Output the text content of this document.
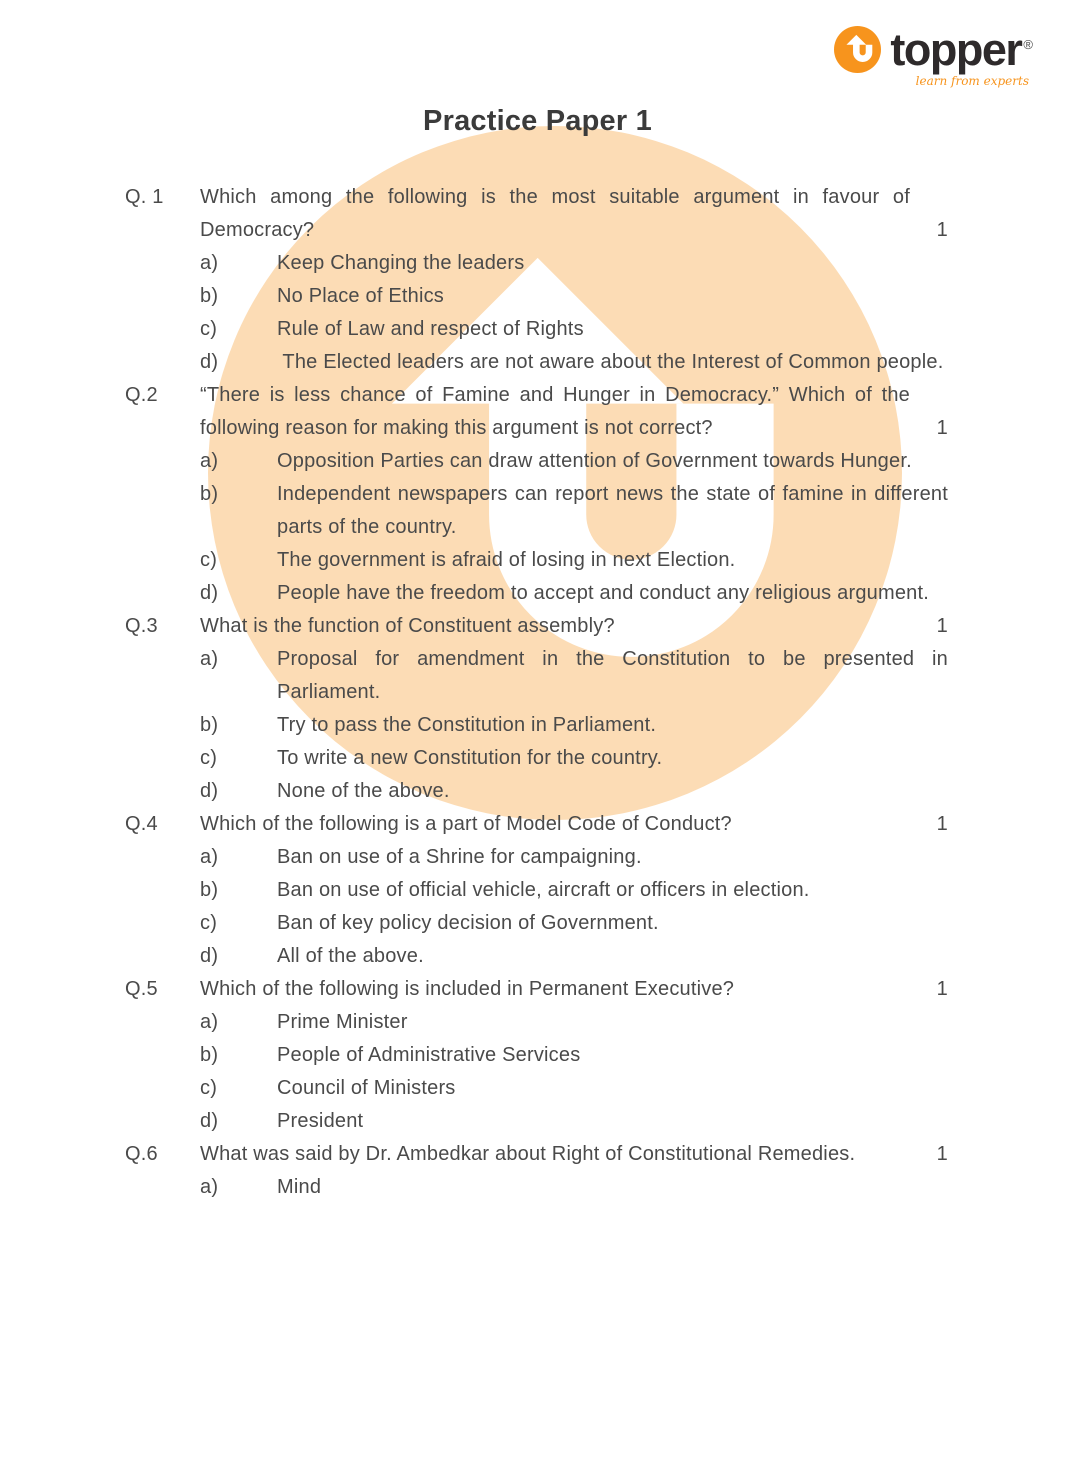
topper ®
learn from experts
Practice Paper 1
Q. 1	Which among the following is the most suitable argument in favour of Democracy?	1
a)	Keep Changing the leaders
b)	No Place of Ethics
c)	Rule of Law and respect of Rights
d)	The Elected leaders are not aware about the Interest of Common people.
Q.2	“There is less chance of Famine and Hunger in Democracy.” Which of the following reason for making this argument is not correct?	1
a)	Opposition Parties can draw attention of Government towards Hunger.
b)	Independent newspapers can report news the state of famine in different parts of the country.
c)	The government is afraid of losing in next Election.
d)	People have the freedom to accept and conduct any religious argument.
Q.3	What is the function of Constituent assembly?	1
a)	Proposal for amendment in the Constitution to be presented in Parliament.
b)	Try to pass the Constitution in Parliament.
c)	To write a new Constitution for the country.
d)	None of the above.
Q.4	Which of the following is a part of Model Code of Conduct?	1
a)	Ban on use of a Shrine for campaigning.
b)	Ban on use of official vehicle, aircraft or officers in election.
c)	Ban of key policy decision of Government.
d)	All of the above.
Q.5	Which of the following is included in Permanent Executive?	1
a)	Prime Minister
b)	People of Administrative Services
c)	Council of Ministers
d)	President
Q.6	What was said by Dr. Ambedkar about Right of Constitutional Remedies.	1
a)	Mind
